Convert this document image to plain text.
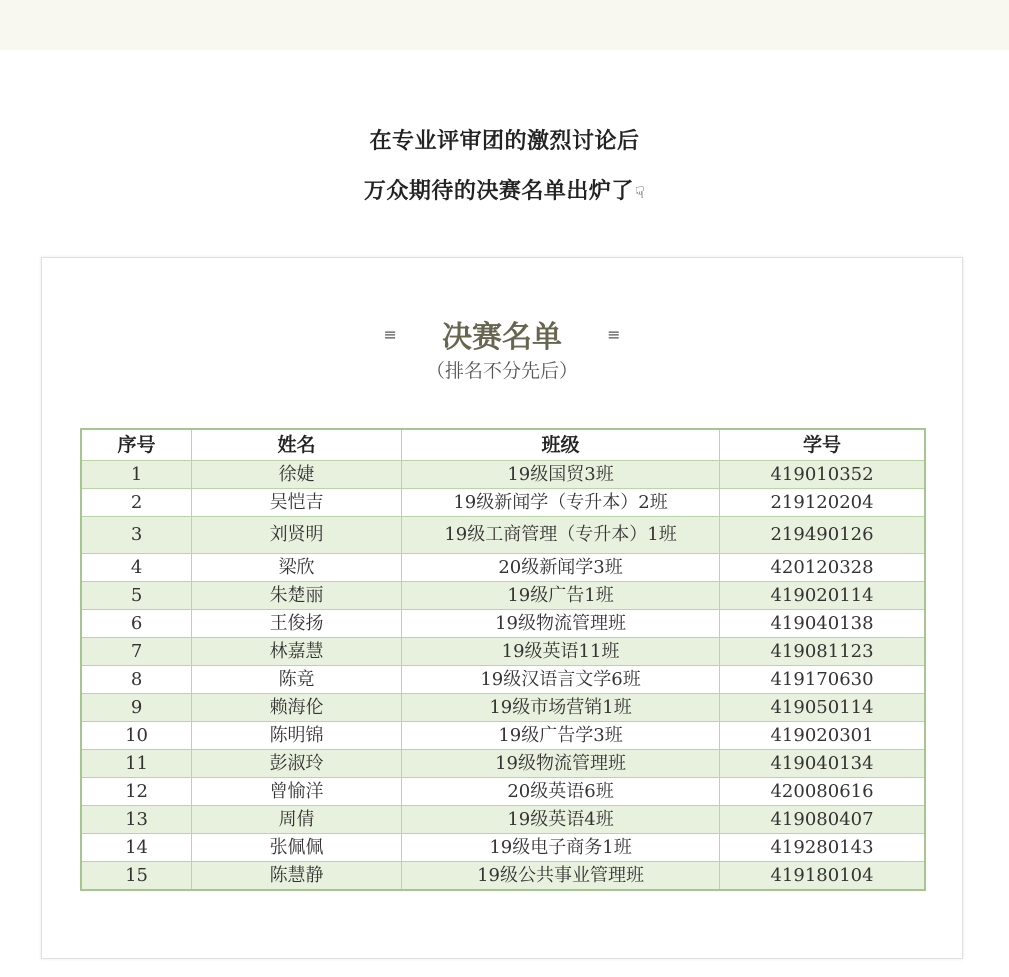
在专业评审团的激烈讨论后
万众期待的决赛名单出炉了☟
≡ 决赛名单	≡
（排名不分先后）
序号	姓名	班级	学号
1	徐婕	19级国贸3班	419010352
2	吴恺吉	19级新闻学（专升本）2班	219120204
3	刘贤明	19级工商管理（专升本）1班	219490126
4	梁欣	20级新闻学3班	420120328
5	朱楚丽	19级广告1班	419020114
6	王俊扬	19级物流管理班	419040138
7	林嘉慧	19级英语11班	419081123
8	陈竟	19级汉语言文学6班	419170630
9	赖海伦	19级市场营销1班	419050114
10	陈明锦	19级广告学3班	419020301
11	彭淑玲	19级物流管理班	419040134
12	曾愉洋	20级英语6班	420080616
13	周倩	19级英语4班	419080407
14	张佩佩	19级电子商务1班	419280143
15	陈慧静	19级公共事业管理班	419180104
